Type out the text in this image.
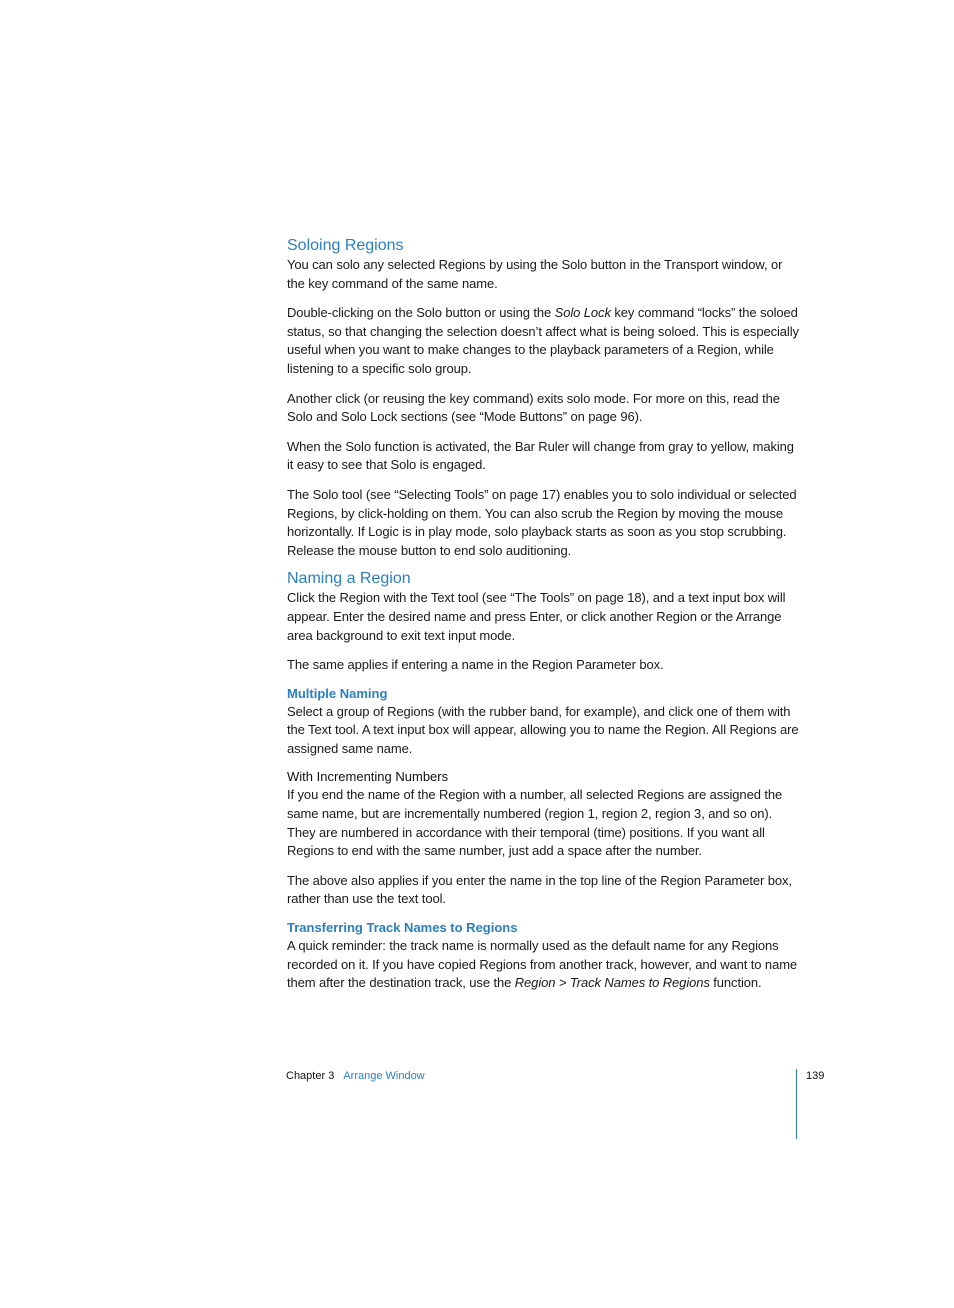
Soloing Regions

You can solo any selected Regions by using the Solo button in the Transport window, or the key command of the same name.

Double-clicking on the Solo button or using the Solo Lock key command “locks” the soloed status, so that changing the selection doesn’t affect what is being soloed. This is especially useful when you want to make changes to the playback parameters of a Region, while listening to a specific solo group.

Another click (or reusing the key command) exits solo mode. For more on this, read the Solo and Solo Lock sections (see “Mode Buttons” on page 96).

When the Solo function is activated, the Bar Ruler will change from gray to yellow, making it easy to see that Solo is engaged.

The Solo tool (see “Selecting Tools” on page 17) enables you to solo individual or selected Regions, by click-holding on them. You can also scrub the Region by moving the mouse horizontally. If Logic is in play mode, solo playback starts as soon as you stop scrubbing. Release the mouse button to end solo auditioning.

Naming a Region

Click the Region with the Text tool (see “The Tools” on page 18), and a text input box will appear. Enter the desired name and press Enter, or click another Region or the Arrange area background to exit text input mode.

The same applies if entering a name in the Region Parameter box.

Multiple Naming

Select a group of Regions (with the rubber band, for example), and click one of them with the Text tool. A text input box will appear, allowing you to name the Region. All Regions are assigned same name.

With Incrementing Numbers

If you end the name of the Region with a number, all selected Regions are assigned the same name, but are incrementally numbered (region 1, region 2, region 3, and so on). They are numbered in accordance with their temporal (time) positions. If you want all Regions to end with the same number, just add a space after the number.

The above also applies if you enter the name in the top line of the Region Parameter box, rather than use the text tool.

Transferring Track Names to Regions

A quick reminder: the track name is normally used as the default name for any Regions recorded on it. If you have copied Regions from another track, however, and want to name them after the destination track, use the Region > Track Names to Regions function.

Chapter 3 Arrange Window	139
